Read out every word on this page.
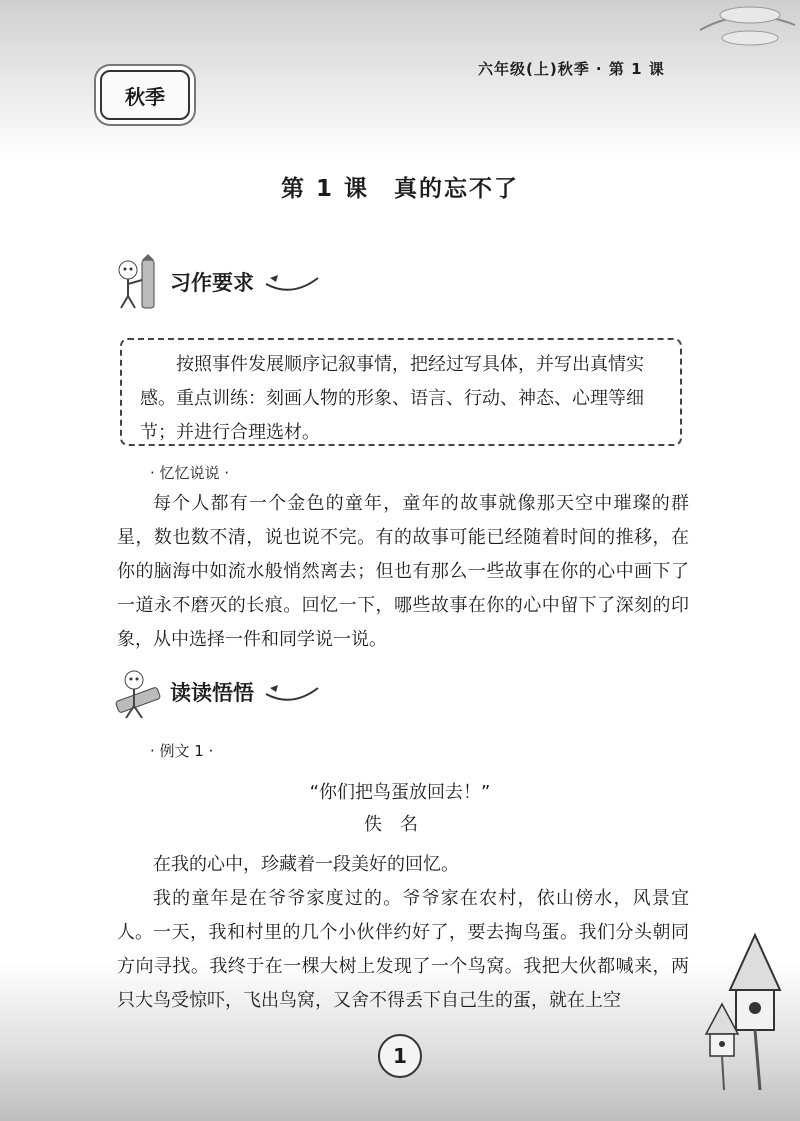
六年级(上)秋季 · 第 1 课
秋季
第 1 课　真的忘不了
习作要求
按照事件发展顺序记叙事情，把经过写具体，并写出真情实感。重点训练：刻画人物的形象、语言、行动、神态、心理等细节；并进行合理选材。
· 忆忆说说 ·
每个人都有一个金色的童年，童年的故事就像那天空中璀璨的群星，数也数不清，说也说不完。有的故事可能已经随着时间的推移，在你的脑海中如流水般悄然离去；但也有那么一些故事在你的心中画下了一道永不磨灭的长痕。回忆一下，哪些故事在你的心中留下了深刻的印象，从中选择一件和同学说一说。
读读悟悟
· 例文 1 ·
“你们把鸟蛋放回去！”
佚名
在我的心中，珍藏着一段美好的回忆。
我的童年是在爷爷家度过的。爷爷家在农村，依山傍水，风景宜人。 一天，我和村里的几个小伙伴约好了，要去掏鸟蛋。我们分头朝同方向寻找。我终于在一棵大树上发现了一个鸟窝。我把大伙都喊来，两只大鸟受惊吓，飞出鸟窝，又舍不得丢下自己生的蛋，就在上空
1
